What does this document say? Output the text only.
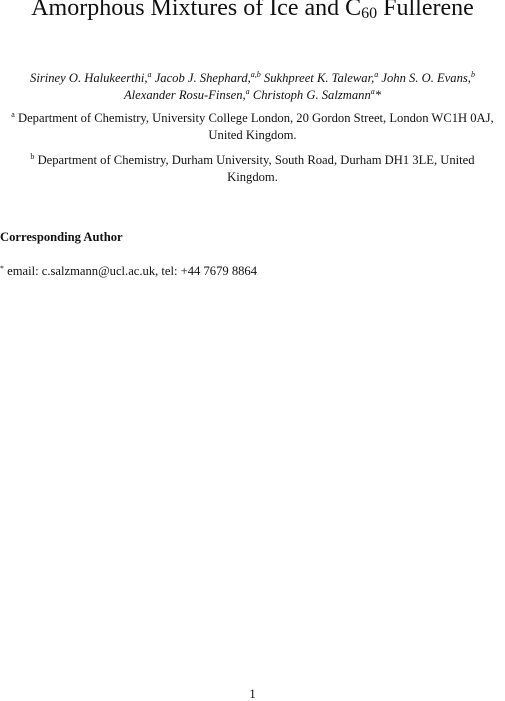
Amorphous Mixtures of Ice and $C_{60}$ Fullerene
Siriney O. Halukeerthi,$^a$ Jacob J. Shephard,$^{a,b}$ Sukhpreet K. Talewar,$^a$ John S. O. Evans,$^b$
Alexander Rosu-Finsen,$^a$ Christoph G. Salzmann$^a$*
$^a$ Department of Chemistry, University College London, 20 Gordon Street, London WC1H 0AJ,
United Kingdom.
$^b$ Department of Chemistry, Durham University, South Road, Durham DH1 3LE, United
Kingdom.
Corresponding Author
* email: c.salzmann@ucl.ac.uk, tel: +44 7679 8864
1
